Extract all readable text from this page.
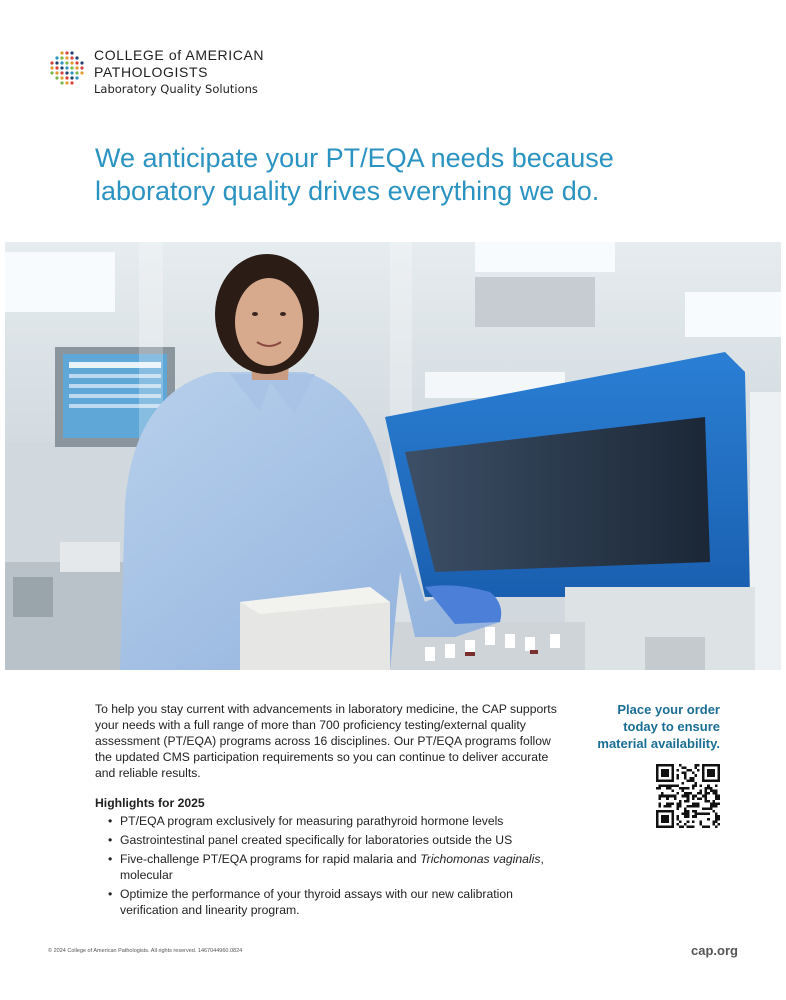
COLLEGE of AMERICAN
PATHOLOGISTS
Laboratory Quality Solutions
We anticipate your PT/EQA needs because
laboratory quality drives everything we do.

To help you stay current with advancements in laboratory medicine, the CAP supports your needs with a full range of more than 700 proficiency testing/external quality assessment (PT/EQA) programs across 16 disciplines. Our PT/EQA programs follow the updated CMS participation requirements so you can continue to deliver accurate and reliable results.

Highlights for 2025
• PT/EQA program exclusively for measuring parathyroid hormone levels
• Gastrointestinal panel created specifically for laboratories outside the US
• Five-challenge PT/EQA programs for rapid malaria and Trichomonas vaginalis, molecular
• Optimize the performance of your thyroid assays with our new calibration verification and linearity program.
Place your order
today to ensure
material availability.
© 2024 College of American Pathologists. All rights reserved. 1467044960.0824	cap.org
